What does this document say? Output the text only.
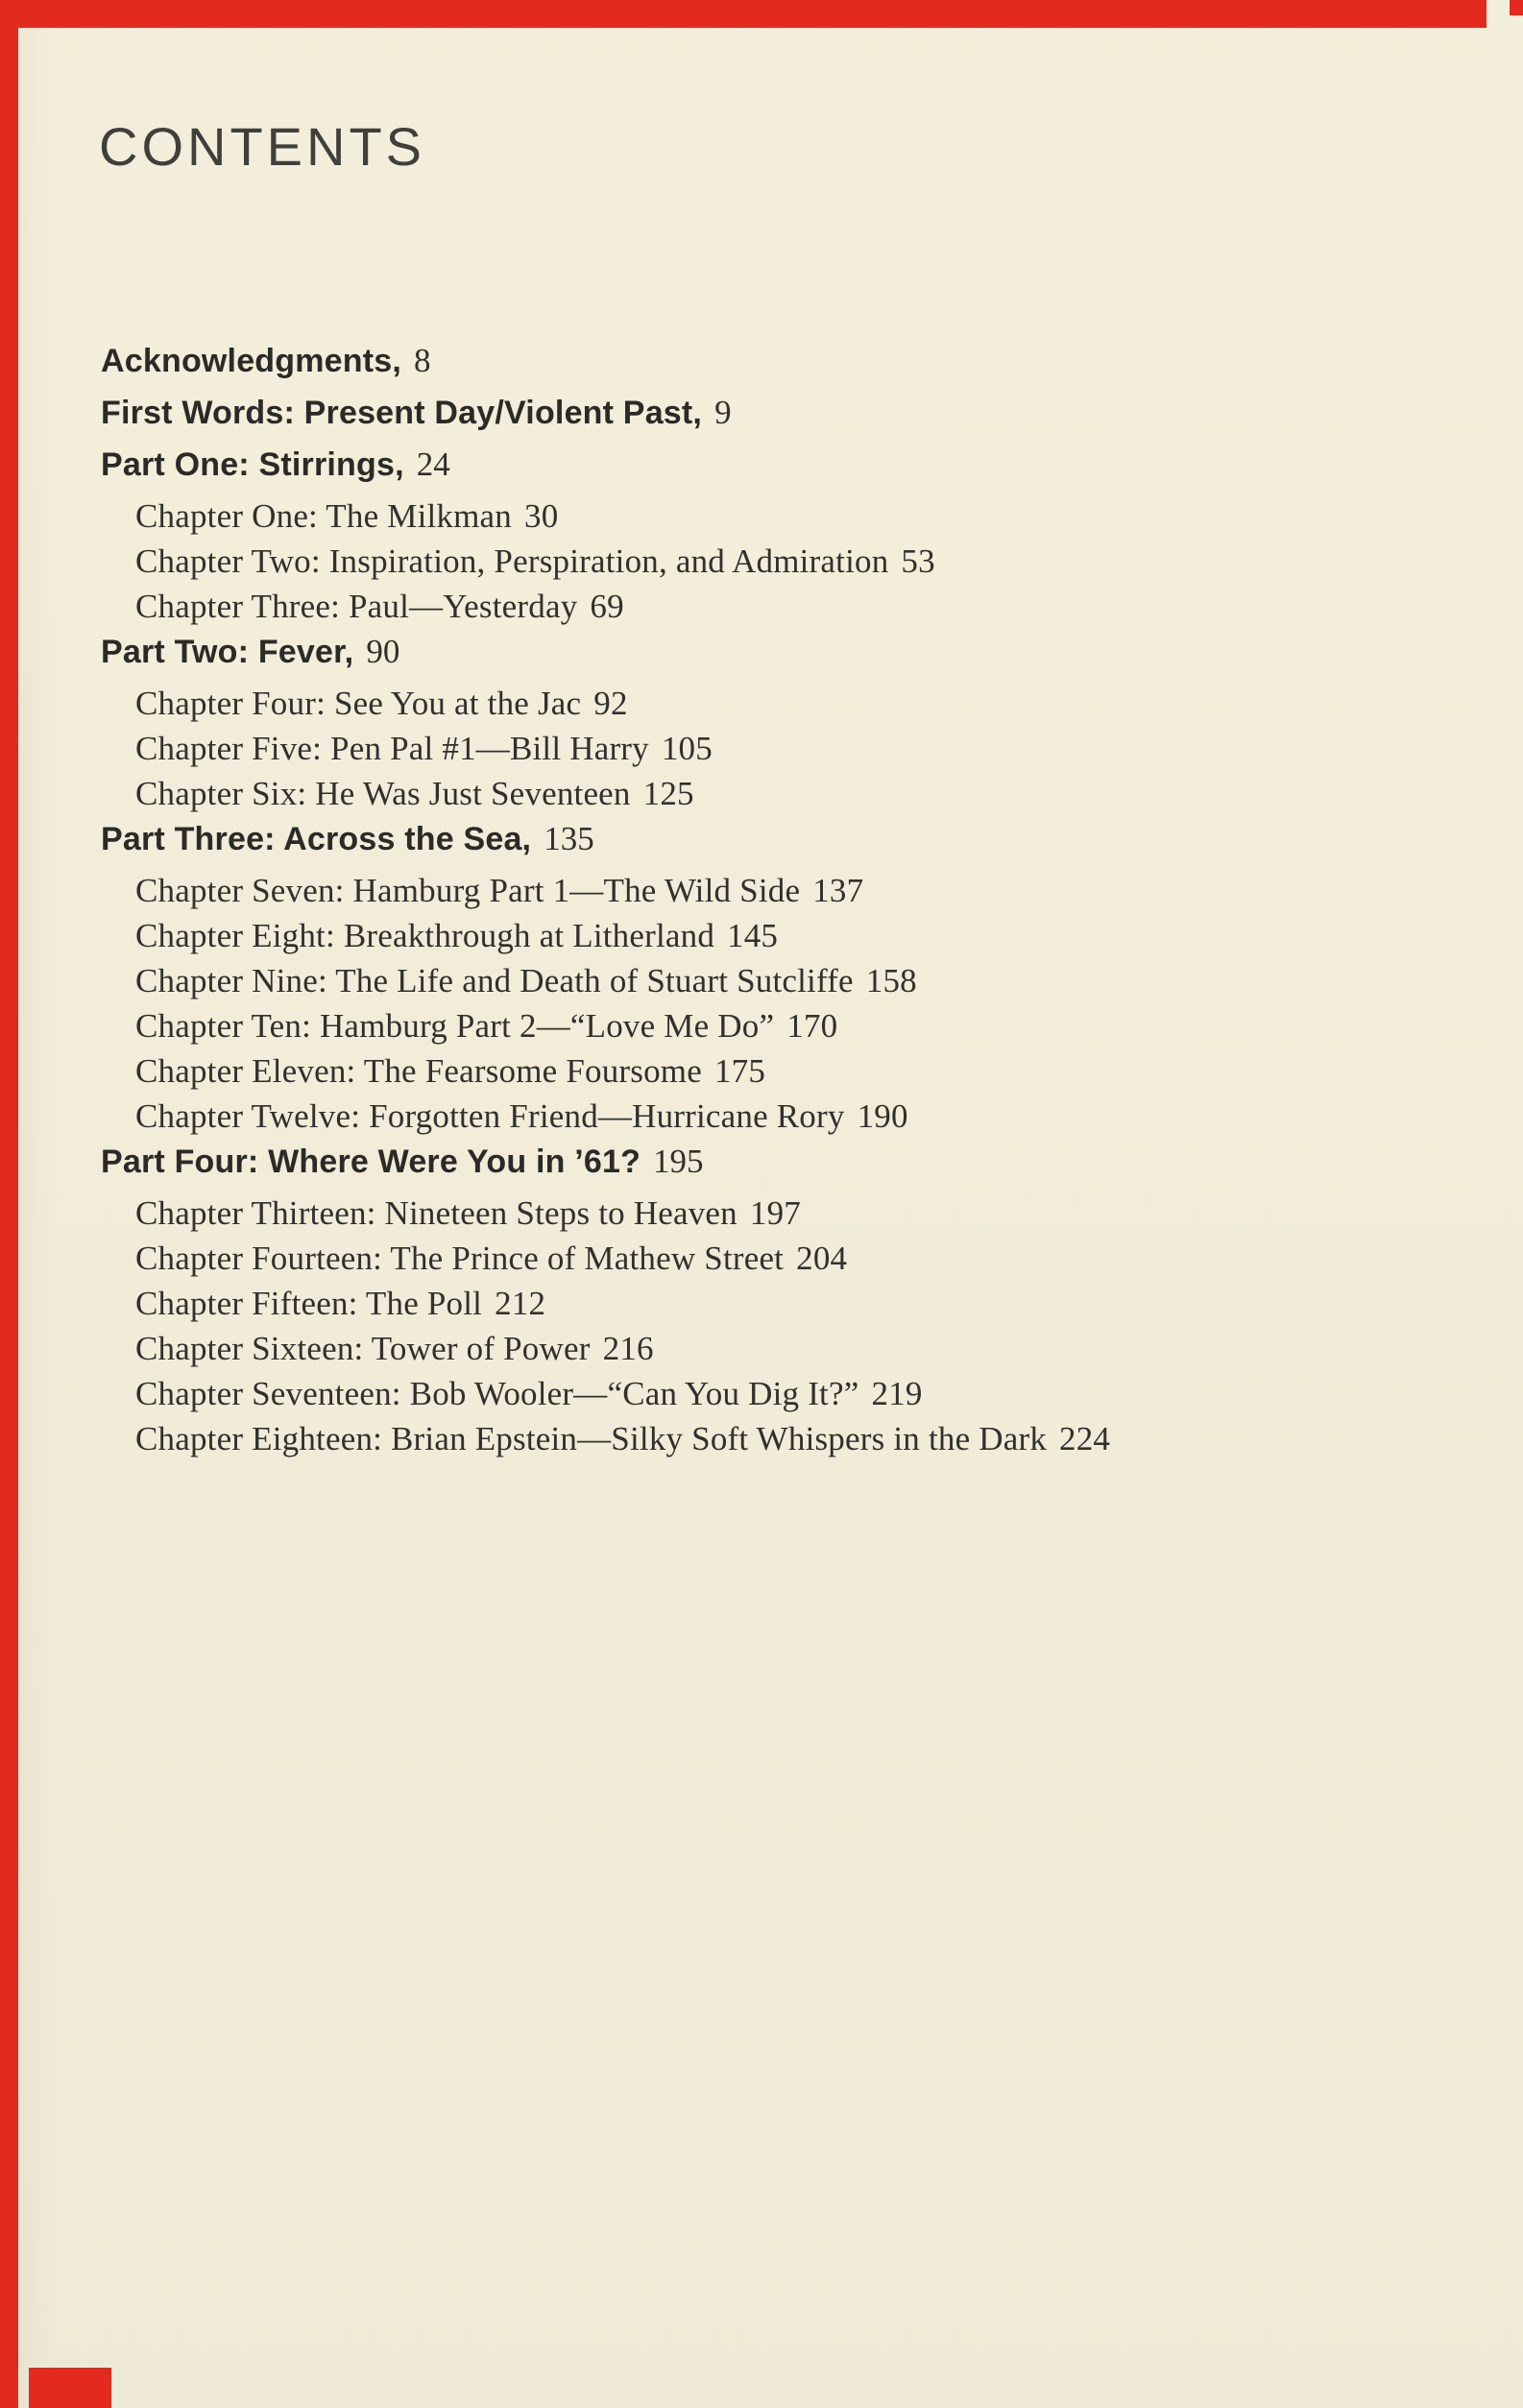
CONTENTS
Acknowledgments, 8
First Words: Present Day/Violent Past, 9
Part One: Stirrings, 24
Chapter One: The Milkman 30
Chapter Two: Inspiration, Perspiration, and Admiration 53
Chapter Three: Paul—Yesterday 69
Part Two: Fever, 90
Chapter Four: See You at the Jac 92
Chapter Five: Pen Pal #1—Bill Harry 105
Chapter Six: He Was Just Seventeen 125
Part Three: Across the Sea, 135
Chapter Seven: Hamburg Part 1—The Wild Side 137
Chapter Eight: Breakthrough at Litherland 145
Chapter Nine: The Life and Death of Stuart Sutcliffe 158
Chapter Ten: Hamburg Part 2—“Love Me Do” 170
Chapter Eleven: The Fearsome Foursome 175
Chapter Twelve: Forgotten Friend—Hurricane Rory 190
Part Four: Where Were You in ’61? 195
Chapter Thirteen: Nineteen Steps to Heaven 197
Chapter Fourteen: The Prince of Mathew Street 204
Chapter Fifteen: The Poll 212
Chapter Sixteen: Tower of Power 216
Chapter Seventeen: Bob Wooler—“Can You Dig It?” 219
Chapter Eighteen: Brian Epstein—Silky Soft Whispers in the Dark 224
